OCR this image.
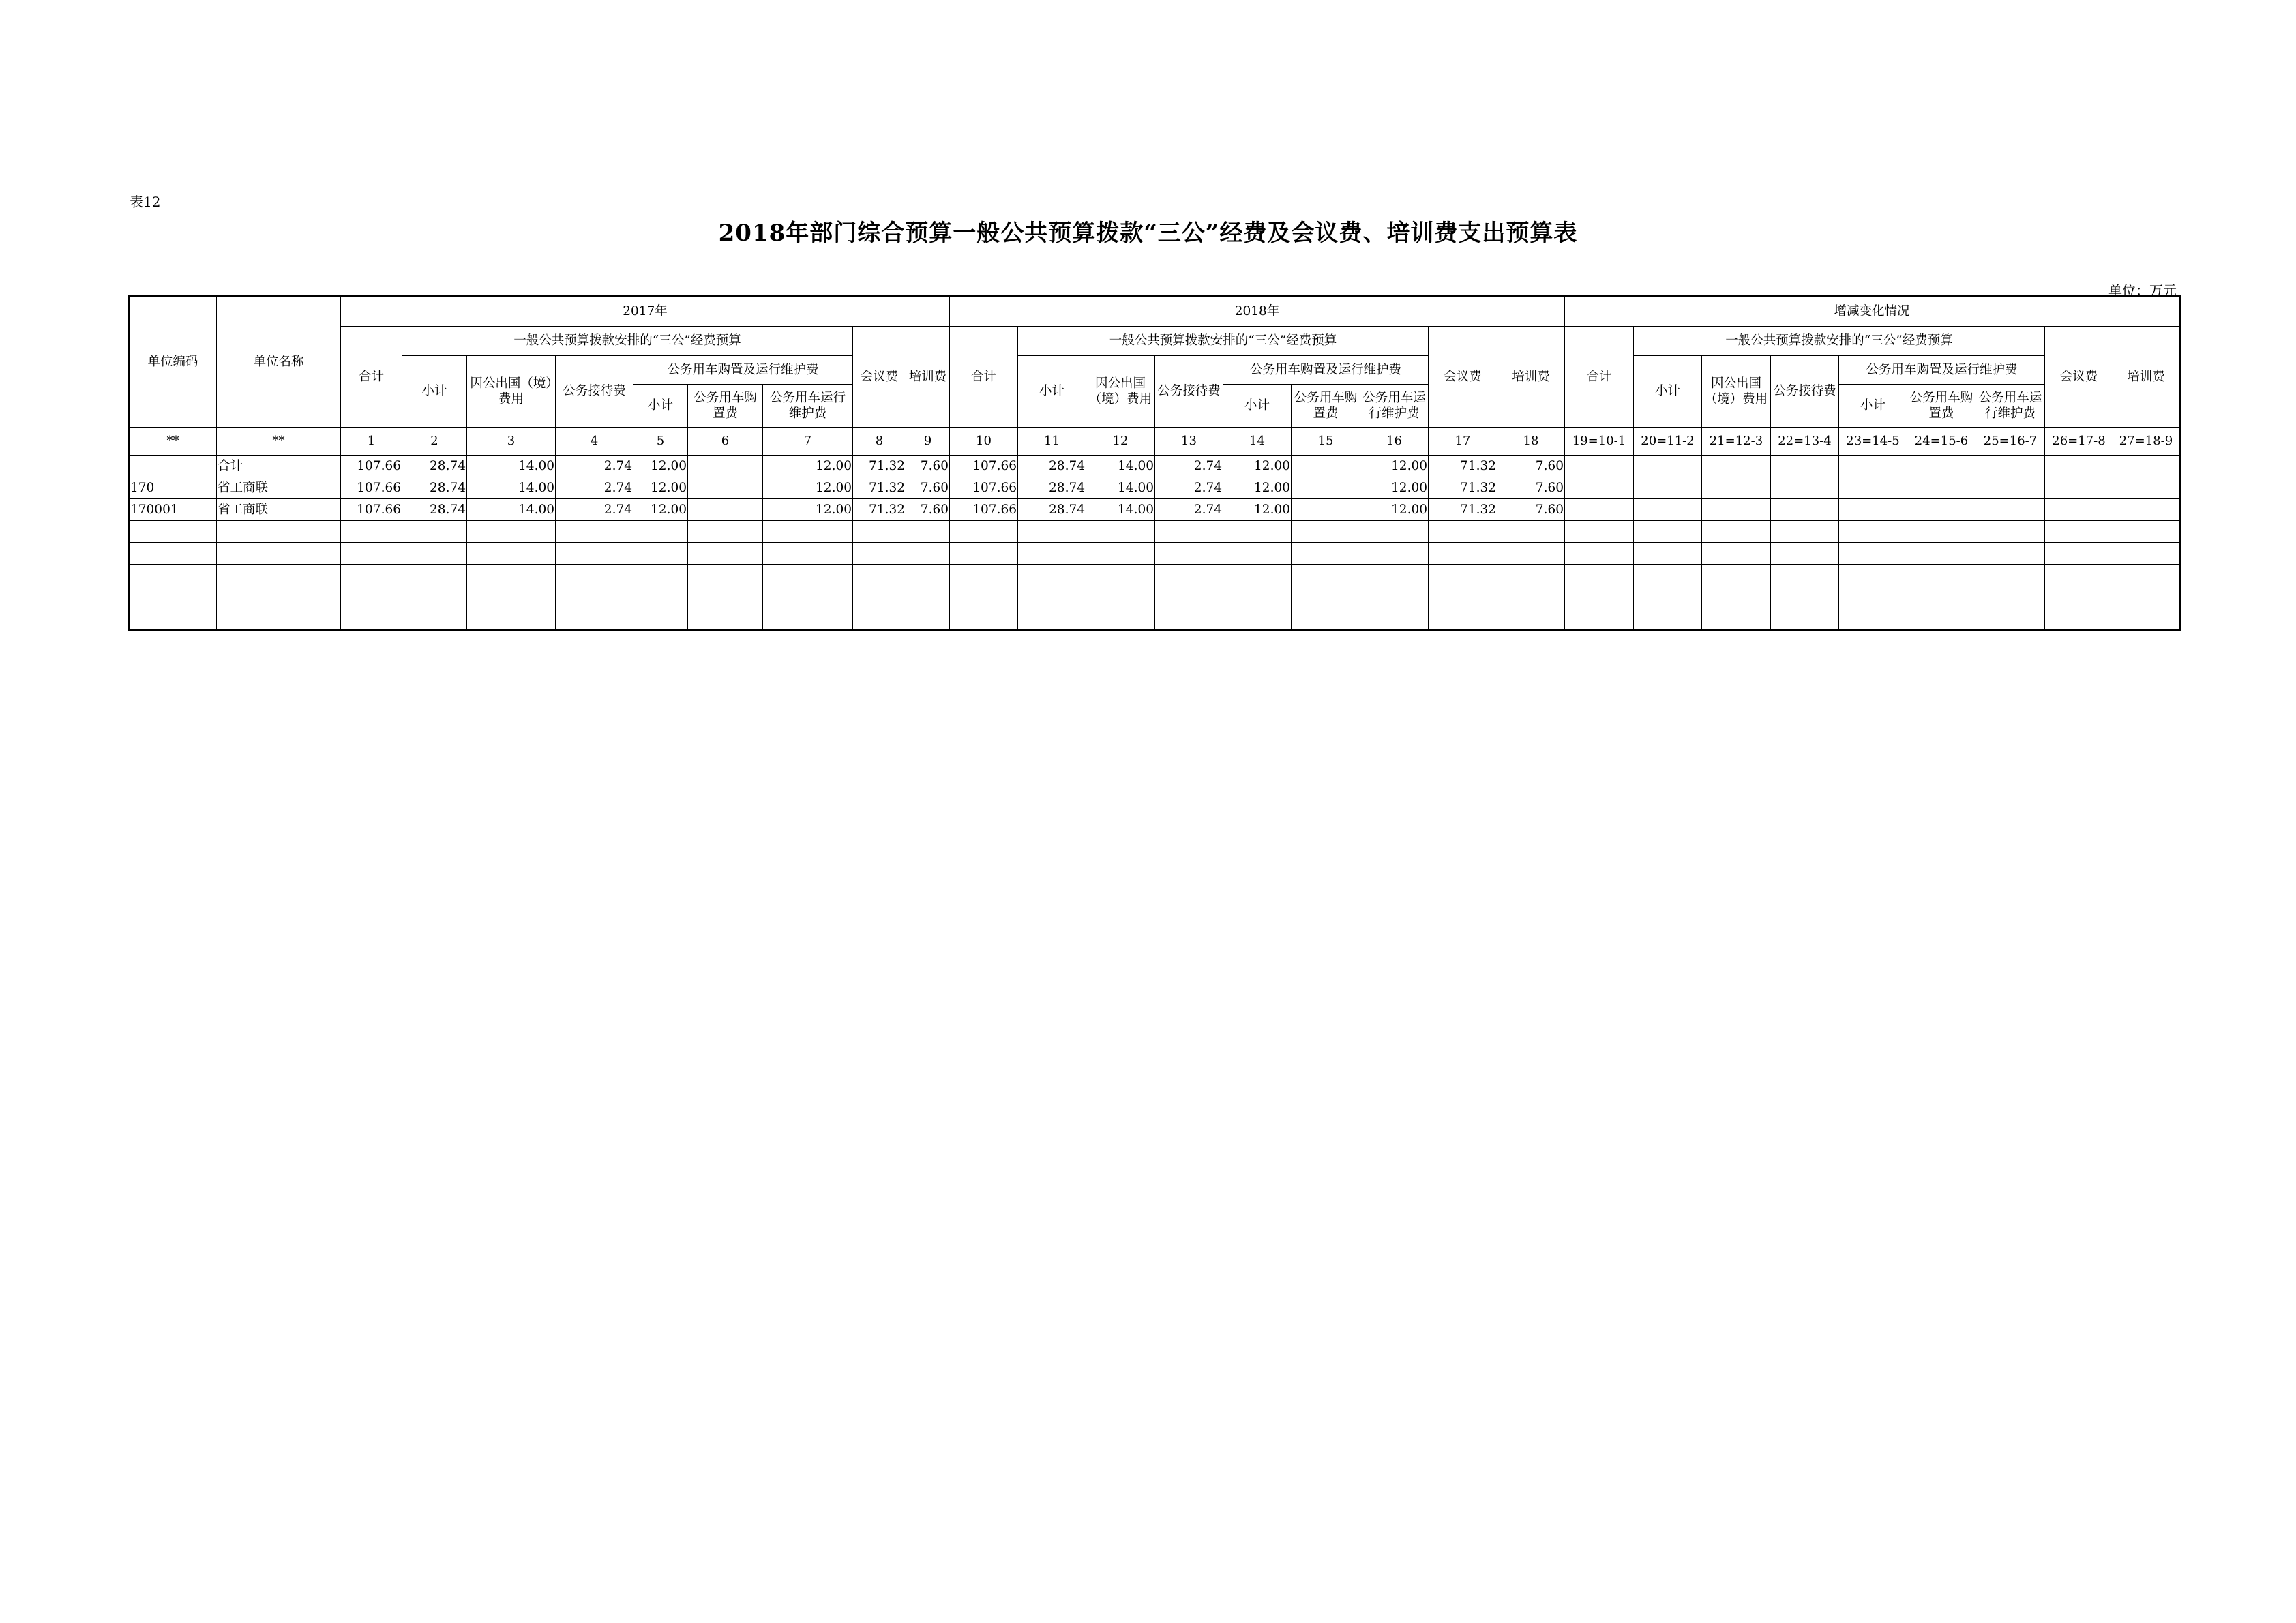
表12
2018年部门综合预算一般公共预算拨款“三公”经费及会议费、培训费支出预算表
单位：万元
单位编码	单位名称	2017年									2018年									增减变化情况								
		合计	一般公共预算拨款安排的“三公”经费预算						会议费	培训费	合计	一般公共预算拨款安排的“三公”经费预算						会议费	培训费	合计	一般公共预算拨款安排的“三公”经费预算						会议费	培训费
			小计	因公出国（境）费用	公务接待费	公务用车购置及运行维护费						小计	因公出国（境）费用	公务接待费	公务用车购置及运行维护费						小计	因公出国（境）费用	公务接待费	公务用车购置及运行维护费				
						小计	公务用车购置费	公务用车运行维护费							小计	公务用车购置费	公务用车运行维护费							小计	公务用车购置费	公务用车运行维护费		
**	**	1	2	3	4	5	6	7	8	9	10	11	12	13	14	15	16	17	18	19=10-1	20=11-2	21=12-3	22=13-4	23=14-5	24=15-6	25=16-7	26=17-8	27=18-9
	合计	107.66	28.74	14.00	2.74	12.00		12.00	71.32	7.60	107.66	28.74	14.00	2.74	12.00		12.00	71.32	7.60									
170	省工商联	107.66	28.74	14.00	2.74	12.00		12.00	71.32	7.60	107.66	28.74	14.00	2.74	12.00		12.00	71.32	7.60									
170001	省工商联	107.66	28.74	14.00	2.74	12.00		12.00	71.32	7.60	107.66	28.74	14.00	2.74	12.00		12.00	71.32	7.60									
